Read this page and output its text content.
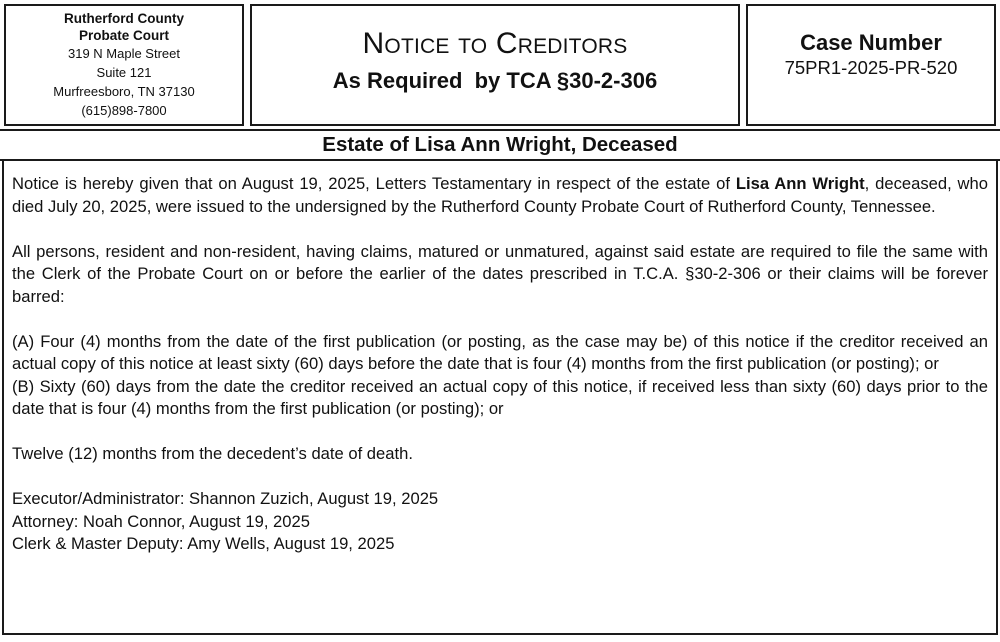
Rutherford County
Probate Court
319 N Maple Street
Suite 121
Murfreesboro, TN 37130
(615)898-7800
Notice to Creditors
As Required  by TCA §30-2-306
Case Number
75PR1-2025-PR-520
Estate of Lisa Ann Wright, Deceased

Notice is hereby given that on August 19, 2025, Letters Testamentary in respect of the estate of Lisa Ann Wright, deceased, who died July 20, 2025, were issued to the undersigned by the Rutherford County Probate Court of Rutherford County, Tennessee.

All persons, resident and non-resident, having claims, matured or unmatured, against said estate are required to file the same with the Clerk of the Probate Court on or before the earlier of the dates prescribed in T.C.A. §30-2-306 or their claims will be forever barred:

(A) Four (4) months from the date of the first publication (or posting, as the case may be) of this notice if the creditor received an actual copy of this notice at least sixty (60) days before the date that is four (4) months from the first publication (or posting); or

(B) Sixty (60) days from the date the creditor received an actual copy of this notice, if received less than sixty (60) days prior to the date that is four (4) months from the first publication (or posting); or

Twelve (12) months from the decedent’s date of death.

Executor/Administrator: Shannon Zuzich, August 19, 2025

Attorney: Noah Connor, August 19, 2025

Clerk & Master Deputy: Amy Wells, August 19, 2025
